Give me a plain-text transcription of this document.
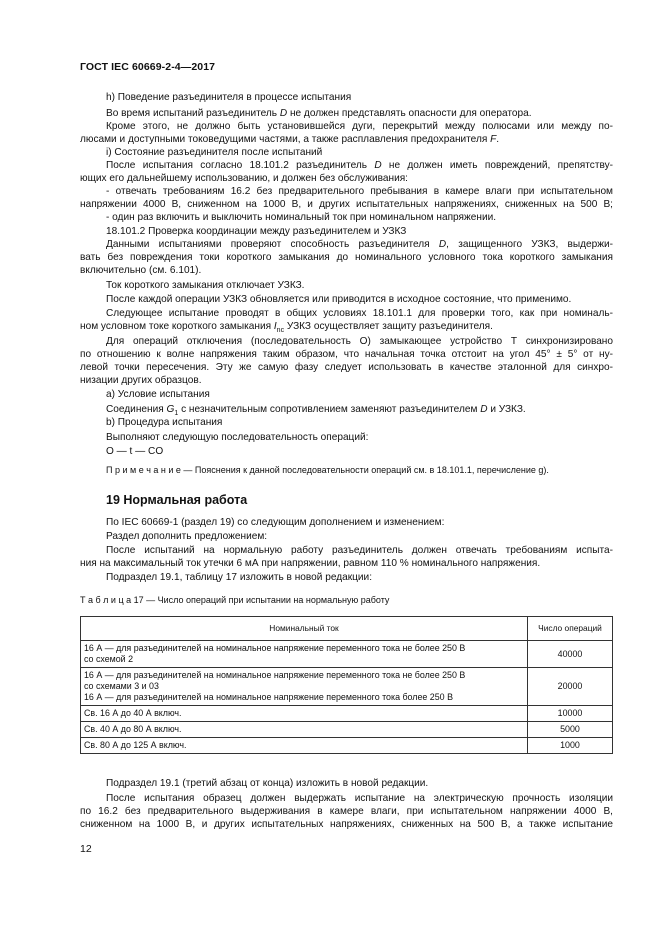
ГОСТ IEC 60669-2-4—2017
h) Поведение разъединителя в процессе испытания
Во время испытаний разъединитель D не должен представлять опасности для оператора.
Кроме этого, не должно быть установившейся дуги, перекрытий между полюсами или между по-
люсами и доступными токоведущими частями, а также расплавления предохранителя F.
i) Состояние разъединителя после испытаний
После испытания согласно 18.101.2 разъединитель D не должен иметь повреждений, препятству-
ющих его дальнейшему использованию, и должен без обслуживания:
- отвечать требованиям 16.2 без предварительного пребывания в камере влаги при испытательном
напряжении 4000 В, сниженном на 1000 В, и других испытательных напряжениях, сниженных на 500 В;
- один раз включить и выключить номинальный ток при номинальном напряжении.
18.101.2 Проверка координации между разъединителем и УЗКЗ
Данными испытаниями проверяют способность разъединителя D, защищенного УЗКЗ, выдержи-
вать без повреждения токи короткого замыкания до номинального условного тока короткого замыкания
включительно (см. 6.101).
Ток короткого замыкания отключает УЗКЗ.
После каждой операции УЗКЗ обновляется или приводится в исходное состояние, что применимо.
Следующее испытание проводят в общих условиях 18.101.1 для проверки того, как при номиналь-
ном условном токе короткого замыкания $I_{nc}$ УЗКЗ осуществляет защиту разъединителя.
Для операций отключения (последовательность О) замыкающее устройство T синхронизировано
по отношению к волне напряжения таким образом, что начальная точка отстоит на угол 45° ± 5° от ну-
левой точки пересечения. Эту же самую фазу следует использовать в качестве эталонной для синхро-
низации других образцов.
a) Условие испытания
Соединения $G_1$ с незначительным сопротивлением заменяют разъединителем D и УЗКЗ.
b) Процедура испытания
Выполняют следующую последовательность операций:
O — t — CO
П р и м е ч а н и е — Пояснения к данной последовательности операций см. в 18.101.1, перечисление g).
19 Нормальная работа
По IEC 60669-1 (раздел 19) со следующим дополнением и изменением:
Раздел дополнить предложением:
После испытаний на нормальную работу разъединитель должен отвечать требованиям испыта-
ния на максимальный ток утечки 6 мА при напряжении, равном 110 % номинального напряжения.
Подраздел 19.1, таблицу 17 изложить в новой редакции:
Т а б л и ц а 17 — Число операций при испытании на нормальную работу
Номинальный ток	Число операций

16 А — для разъединителей на номинальное напряжение переменного тока не более 250 В
со схемой 2	40000

16 А — для разъединителей на номинальное напряжение переменного тока не более 250 В
со схемами 3 и 03
16 А — для разъединителей на номинальное напряжение переменного тока более 250 В	20000
Св. 16 А до 40 А включ.	10000
Св. 40 А до 80 А включ.	5000
Св. 80 А до 125 А включ.	1000
Подраздел 19.1 (третий абзац от конца) изложить в новой редакции.
После испытания образец должен выдержать испытание на электрическую прочность изоляции
по 16.2 без предварительного выдерживания в камере влаги, при испытательном напряжении 4000 В,
сниженном на 1000 В, и других испытательных напряжениях, сниженных на 500 В, а также испытание
12
